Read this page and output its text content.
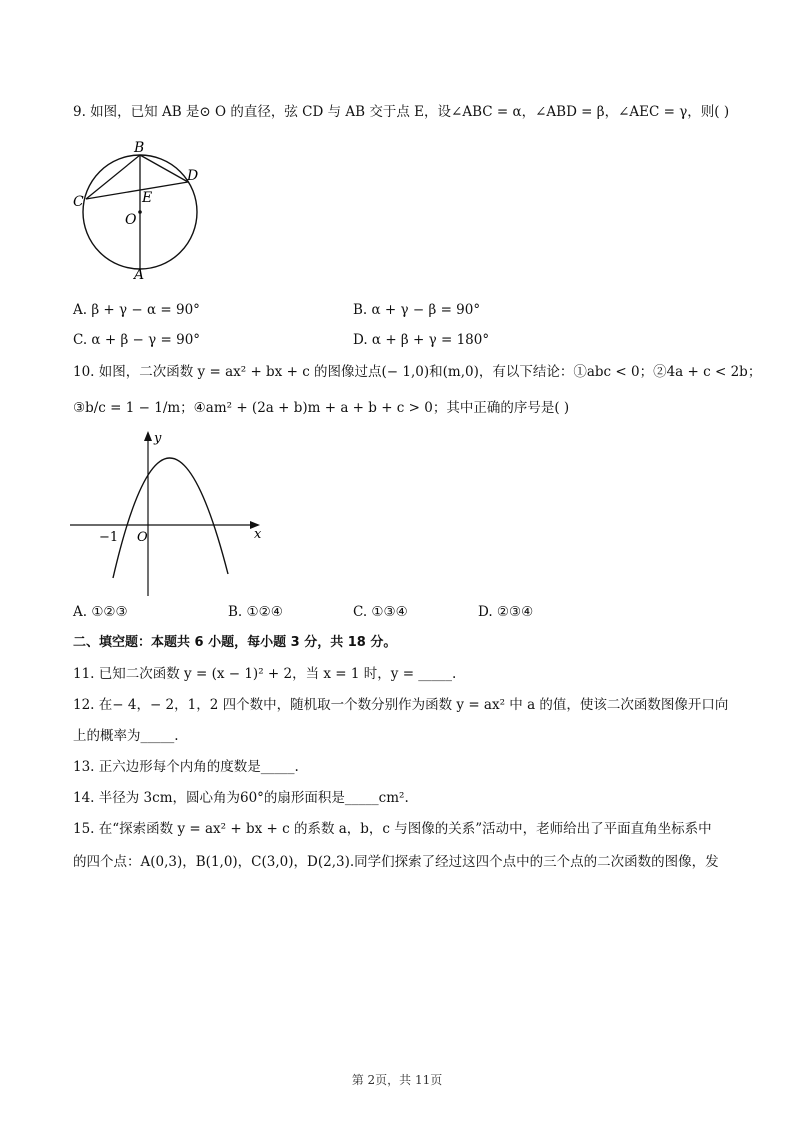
9. 如图，已知 AB 是⊙ O 的直径，弦 CD 与 AB 交于点 E，设∠ABC = α，∠ABD = β，∠AEC = γ，则( )
B
C
D
E
O
A
A. β + γ − α = 90°	B. α + γ − β = 90°
C. α + β − γ = 90°	D. α + β + γ = 180°
10. 如图，二次函数 y = ax² + bx + c 的图像过点(− 1,0)和(m,0)，有以下结论：①abc < 0；②4a + c < 2b；
③b/c = 1 − 1/m；④am² + (2a + b)m + a + b + c > 0；其中正确的序号是( )
y
x
−1 O
A. ①②③	B. ①②④	C. ①③④	D. ②③④
二、填空题：本题共 6 小题，每小题 3 分，共 18 分。
11. 已知二次函数 y = (x − 1)² + 2，当 x = 1 时，y = _____.
12. 在− 4，− 2，1，2 四个数中，随机取一个数分别作为函数 y = ax² 中 a 的值，使该二次函数图像开口向
上的概率为_____.
13. 正六边形每个内角的度数是_____.
14. 半径为 3cm，圆心角为60°的扇形面积是_____cm².
15. 在“探索函数 y = ax² + bx + c 的系数 a，b，c 与图像的关系”活动中，老师给出了平面直角坐标系中
的四个点：A(0,3)，B(1,0)，C(3,0)，D(2,3).同学们探索了经过这四个点中的三个点的二次函数的图像，发
第 2页，共 11页
